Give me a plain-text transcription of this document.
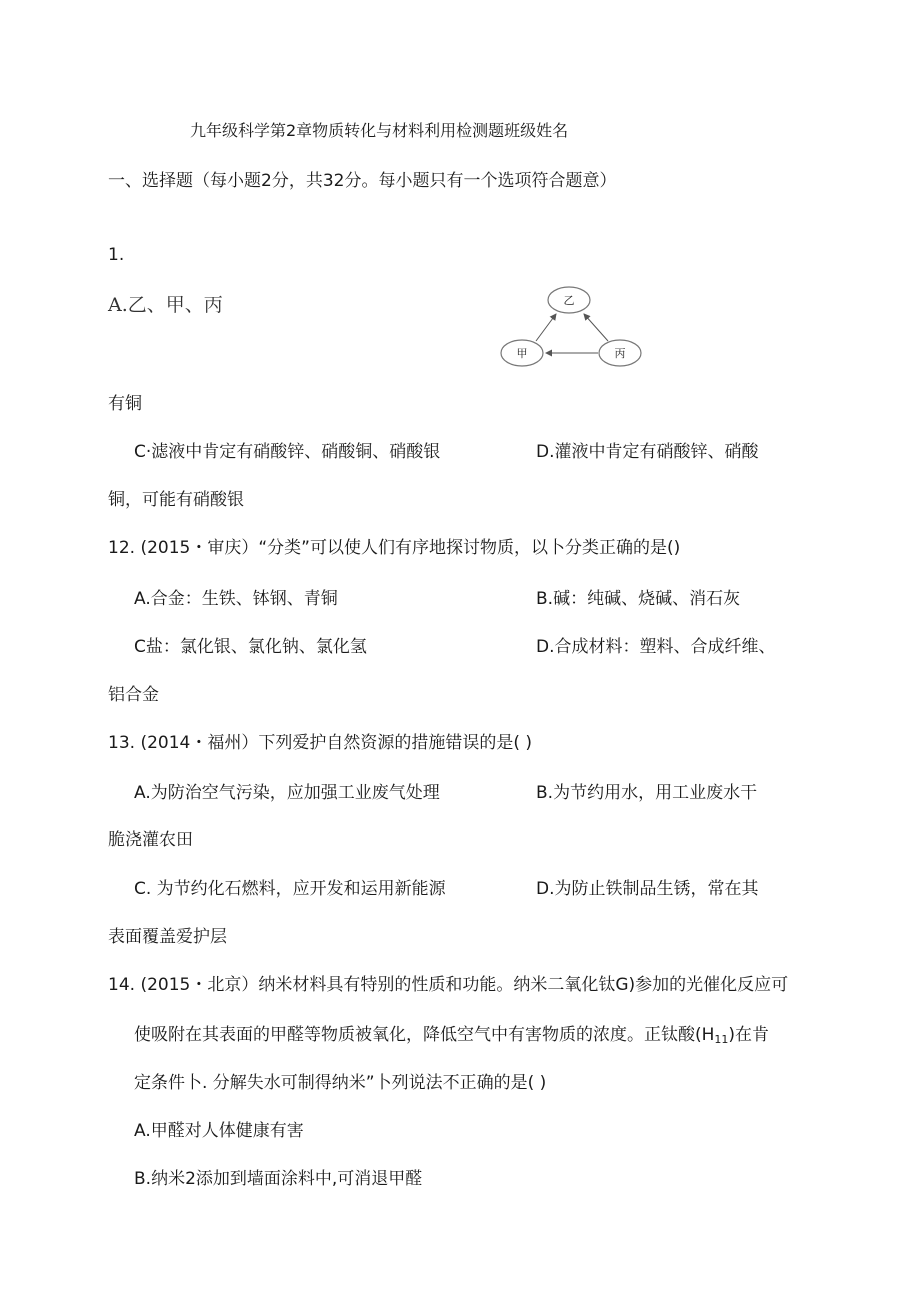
九年级科学第2章物质转化与材料利用检测题班级姓名
一、选择题（每小题2分，共32分。每小题只有一个选项符合题意）
1.
A.乙、甲、丙	乙
甲	丙
有铜
C·滤液中肯定有硝酸锌、硝酸铜、硝酸银	D.灌液中肯定有硝酸锌、硝酸
铜，可能有硝酸银
12. (2015・审庆）“分类”可以使人们有序地探讨物质，以卜分类正确的是()
A.合金：生铁、钵钢、青铜	B.碱：纯碱、烧碱、消石灰
C盐：氯化银、氯化钠、氯化氢	D.合成材料：塑料、合成纤维、
铝合金
13. (2014・福州）下列爱护自然资源的措施错误的是( )
A.为防治空气污染，应加强工业废气处理	B.为节约用水，用工业废水干
脆浇灌农田
C. 为节约化石燃料，应开发和运用新能源	D.为防止铁制品生锈，常在其
表面覆盖爱护层
14. (2015・北京）纳米材料具有特别的性质和功能。纳米二氧化钛G)参加的光催化反应可
使吸附在其表面的甲醛等物质被氧化，降低空气中有害物质的浓度。正钛酸$(H_{11})$在肯
定条件卜. 分解失水可制得纳米”卜列说法不正确的是( )
A.甲醛对人体健康有害
B.纳米2添加到墙面涂料中,可消退甲醛
